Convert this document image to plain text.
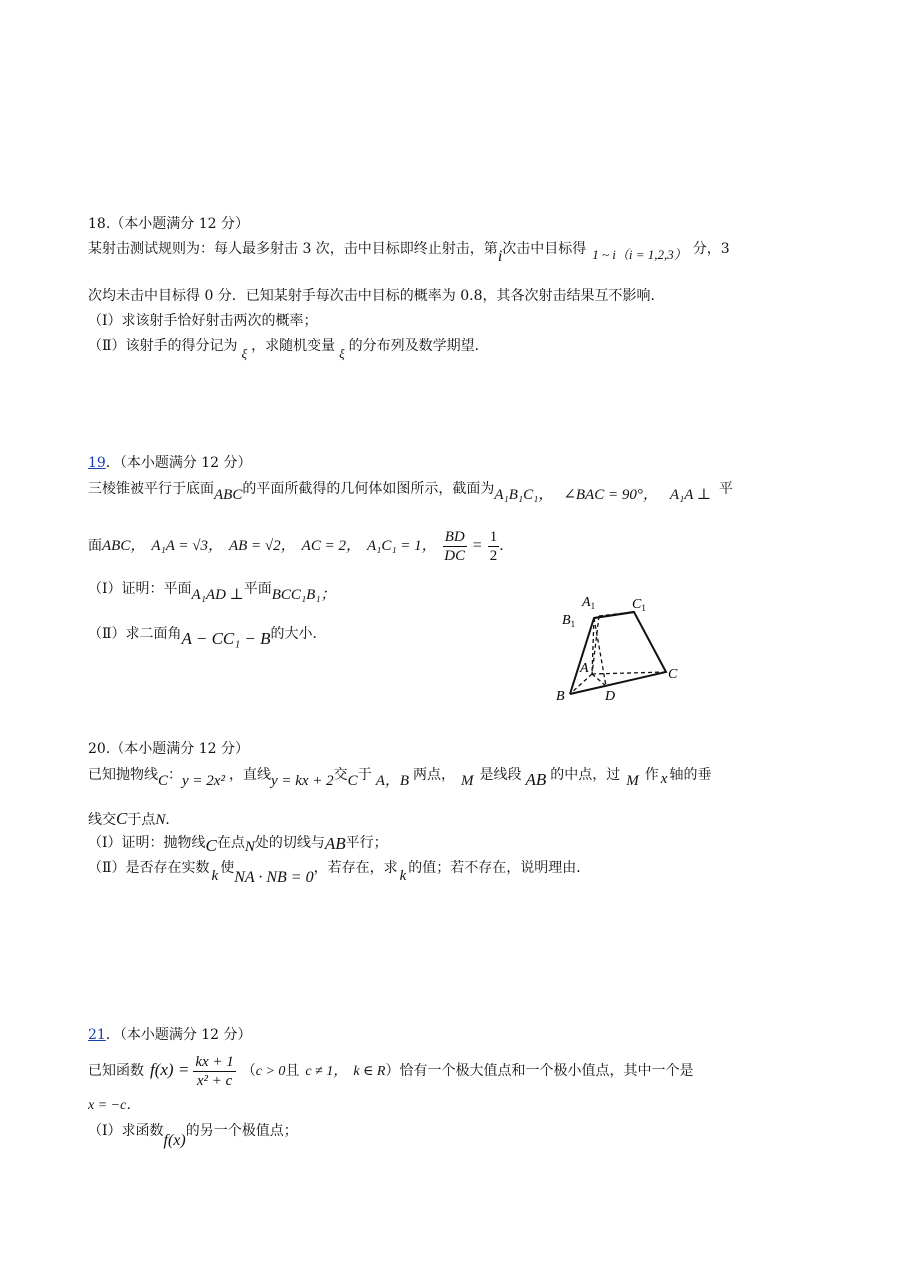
18.（本小题满分 12 分）
某射击测试规则为：每人最多射击 3 次，击中目标即终止射击，第i次击中目标得 1 ~ i（i = 1,2,3） 分，3
次均未击中目标得 0 分．已知某射手每次击中目标的概率为 0.8，其各次射击结果互不影响．
（Ⅰ）求该射手恰好射击两次的概率；
（Ⅱ）该射手的得分记为 ξ ，求随机变量 ξ 的分布列及数学期望．
19．（本小题满分 12 分）
三棱锥被平行于底面ABC的平面所截得的几何体如图所示，截面为A₁B₁C₁， ∠BAC = 90°， A₁A ⊥ 平
面ABC， A₁A = √3， AB = √2， AC = 2， A₁C₁ = 1， $\frac{BD}{DC} = \frac{1}{2}$ ．
（Ⅰ）证明：平面A₁AD ⊥平面BCC₁B₁；
（Ⅱ）求二面角A − CC₁ − B的大小．
$A_1$	$C_1$
$B_1$
A
B
C
D
20.（本小题满分 12 分）
已知抛物线C：y = 2x² ，直线y = kx + 2交C于 A，B 两点， M 是线段 AB 的中点，过 M 作 x 轴的垂
线交C于点N．
（Ⅰ）证明：抛物线C在点N处的切线与AB平行；
（Ⅱ）是否存在实数 k 使NA · NB = 0，若存在，求 k 的值；若不存在，说明理由．
21．（本小题满分 12 分）
已知函数 $f(x) = \frac{kx + 1}{\text{x² + c}} (c > 0$且 c ≠ 1， k ∈ R）恰有一个极大值点和一个极小值点，其中一个是
x = −c．
（Ⅰ）求函数f(x)的另一个极值点；
